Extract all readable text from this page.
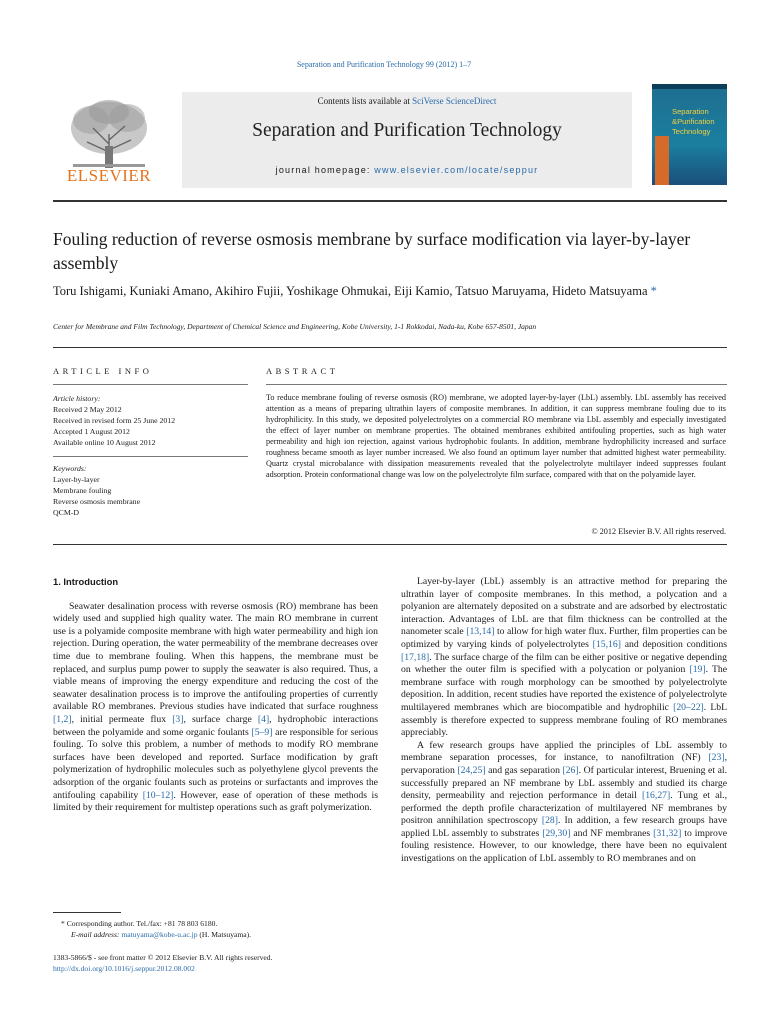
Separation and Purification Technology 99 (2012) 1–7
Contents lists available at SciVerse ScienceDirect
Separation and Purification Technology
journal homepage: www.elsevier.com/locate/seppur
ELSEVIER
Separation
&Purification
Technology
Fouling reduction of reverse osmosis membrane by surface modification via layer-by-layer assembly
Toru Ishigami, Kuniaki Amano, Akihiro Fujii, Yoshikage Ohmukai, Eiji Kamio, Tatsuo Maruyama, Hideto Matsuyama *
Center for Membrane and Film Technology, Department of Chemical Science and Engineering, Kobe University, 1-1 Rokkodai, Nada-ku, Kobe 657-8501, Japan
ARTICLE INFO
Article history:
Received 2 May 2012
Received in revised form 25 June 2012
Accepted 1 August 2012
Available online 10 August 2012
Keywords:
Layer-by-layer
Membrane fouling
Reverse osmosis membrane
QCM-D
ABSTRACT
To reduce membrane fouling of reverse osmosis (RO) membrane, we adopted layer-by-layer (LbL) assembly. LbL assembly has received attention as a means of preparing ultrathin layers of composite membranes. In addition, it can suppress membrane fouling due to its hydrophilicity. In this study, we deposited polyelectrolytes on a commercial RO membrane via LbL assembly and especially investigated the effect of layer number on membrane properties. The obtained membranes exhibited antifouling properties, such as high water permeability and high ion rejection, against various hydrophobic foulants. In addition, membrane hydrophilicity increased and surface roughness became smooth as layer number increased. We also found an optimum layer number that admitted highest water permeability. Quartz crystal microbalance with dissipation measurements revealed that the polyelectrolyte multilayer indeed suppresses foulant adsorption. Protein conformational change was low on the polyelectrolyte film surface, compared with that on the polyamide layer.
© 2012 Elsevier B.V. All rights reserved.
1. Introduction

Seawater desalination process with reverse osmosis (RO) membrane has been widely used and supplied high quality water. The main RO membrane in current use is a polyamide composite membrane with high water permeability and high ion rejection. During operation, the water permeability of the membrane decreases over time due to membrane fouling. When this happens, the membrane must be replaced, and surplus pump power to supply the seawater is also required. Thus, a viable means of improving the energy expenditure and reducing the cost of the seawater desalination process is to improve the antifouling properties of currently available RO membranes. Previous studies have indicated that surface roughness [1,2], initial permeate flux [3], surface charge [4], hydrophobic interactions between the polyamide and some organic foulants [5–9] are responsible for serious fouling. To solve this problem, a number of methods to modify RO membrane surfaces have been developed and reported. Surface modification by graft polymerization of hydrophilic molecules such as polyethylene glycol prevents the adsorption of the organic foulants such as proteins or surfactants and improves the antifouling capability [10–12]. However, ease of operation of these methods is limited by their requirement for multistep operations such as graft polymerization.

Layer-by-layer (LbL) assembly is an attractive method for preparing the ultrathin layer of composite membranes. In this method, a polycation and a polyanion are alternately deposited on a substrate and are adsorbed by electrostatic interaction. Advantages of LbL are that film thickness can be controlled at the nanometer scale [13,14] to allow for high water flux. Further, film properties can be optimized by varying kinds of polyelectrolytes [15,16] and deposition conditions [17,18]. The surface charge of the film can be either positive or negative depending on whether the outer film is specified with a polycation or polyanion [19]. The membrane surface with rough morphology can be smoothed by polyelectrolyte deposition. In addition, recent studies have reported the existence of polyelectrolyte multilayered membranes which are biocompatible and hydrophilic [20–22]. LbL assembly is therefore expected to suppress membrane fouling of RO membranes appreciably.

A few research groups have applied the principles of LbL assembly to membrane separation processes, for instance, to nanofiltration (NF) [23], pervaporation [24,25] and gas separation [26]. Of particular interest, Bruening et al. successfully prepared an NF membrane by LbL assembly and studied its charge density, permeability and rejection performance in detail [16,27]. Tung et al., performed the depth profile characterization of multilayered NF membranes by positron annihilation spectroscopy [28]. In addition, a few research groups have applied LbL assembly to substrates [29,30] and NF membranes [31,32] to improve fouling resistence. However, to our knowledge, there have been no equivalent investigations on the application of LbL assembly to RO membranes and on

* Corresponding author. Tel./fax: +81 78 803 6180.
E-mail address: matuyama@kobe-u.ac.jp (H. Matsuyama).
1383-5866/$ - see front matter © 2012 Elsevier B.V. All rights reserved.
http://dx.doi.org/10.1016/j.seppur.2012.08.002
